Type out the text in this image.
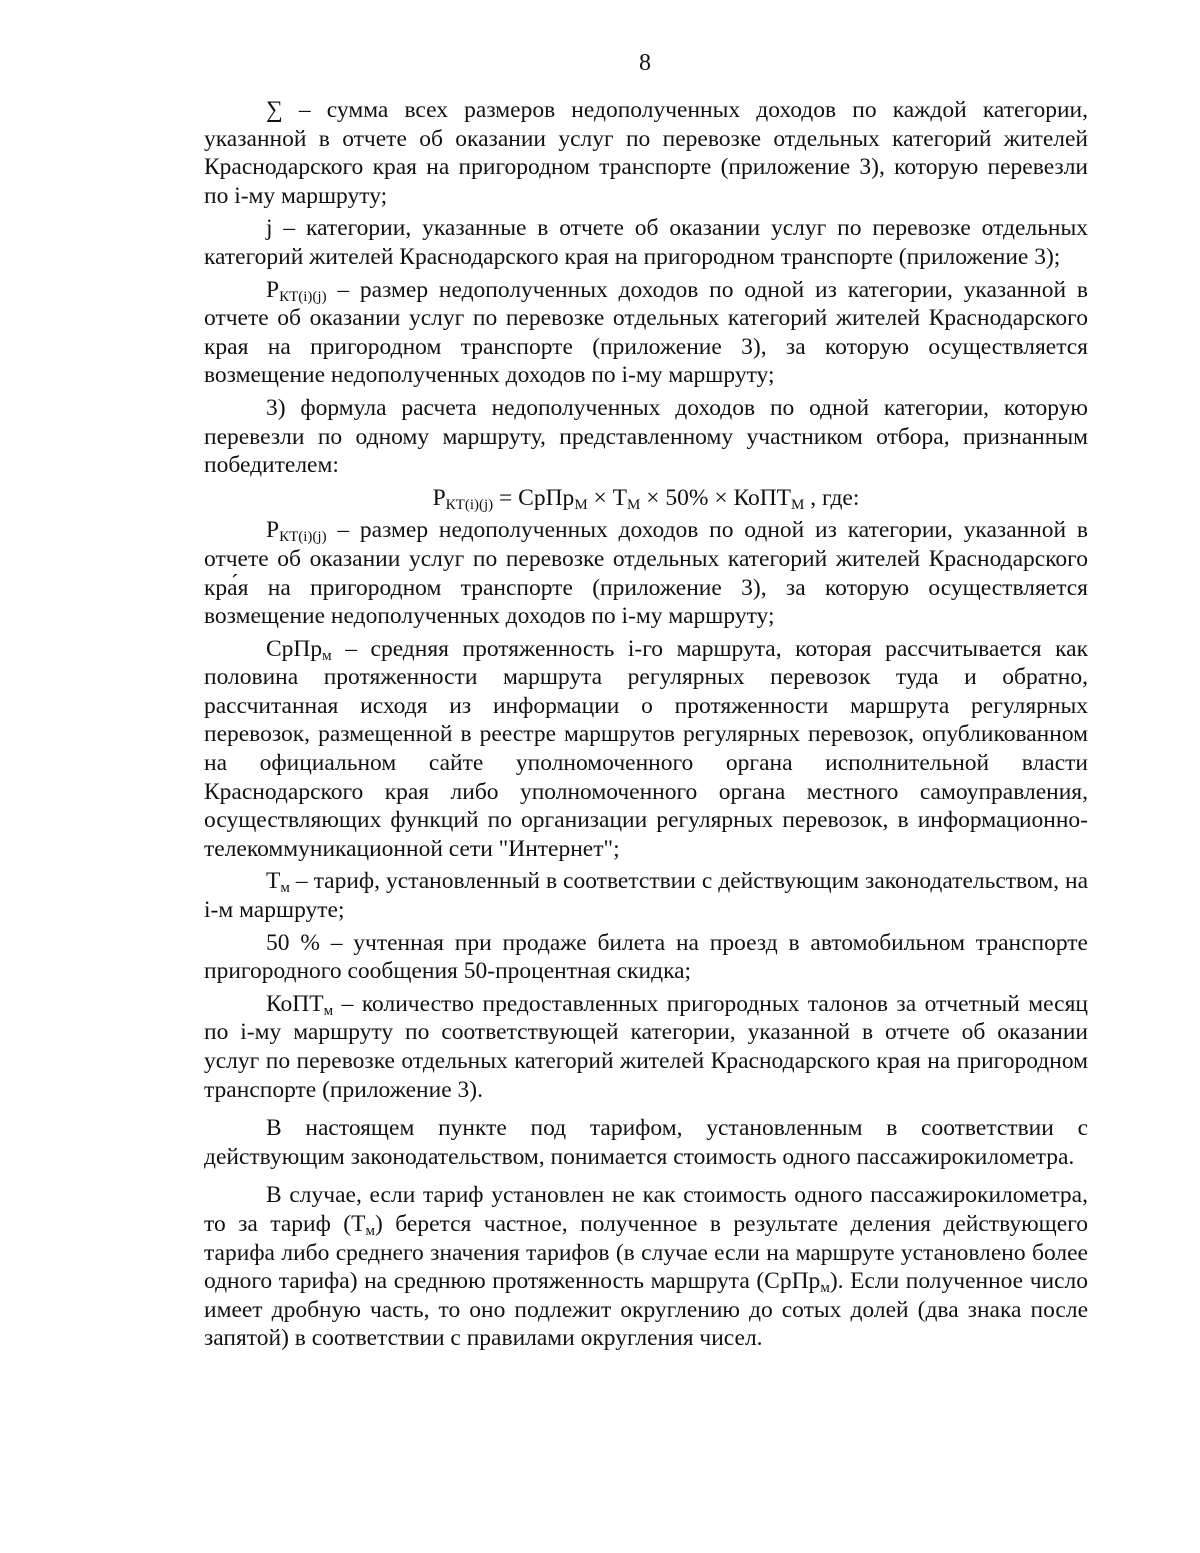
8

∑ – сумма всех размеров недополученных доходов по каждой категории, указанной в отчете об оказании услуг по перевозке отдельных категорий жителей Краснодарского края на пригородном транспорте (приложение 3), которую перевезли по i-му маршруту;

j – категории, указанные в отчете об оказании услуг по перевозке отдельных категорий жителей Краснодарского края на пригородном транспорте (приложение 3);

$P_{КТ(i)(j)}$ – размер недополученных доходов по одной из категории, указанной в отчете об оказании услуг по перевозке отдельных категорий жителей Краснодарского края на пригородном транспорте (приложение 3), за которую осуществляется возмещение недополученных доходов по i-му маршруту;

3) формула расчета недополученных доходов по одной категории, которую перевезли по одному маршруту, представленному участником отбора, признанным победителем:

$P_{КТ(i)(j)}$ = СрПр$_М$ × $Т_М \times 50\%$ × КоПТ$_М$ , где:

$P_{КТ(i)(j)}$ – размер недополученных доходов по одной из категории, указанной в отчете об оказании услуг по перевозке отдельных категорий жителей Краснодарского кра́я на пригородном транспорте (приложение 3), за которую осуществляется возмещение недополученных доходов по i-му маршруту;

СрПр$_м$ – средняя протяженность i-го маршрута, которая рассчитывается как половина протяженности маршрута регулярных перевозок туда и обратно, рассчитанная исходя из информации о протяженности маршрута регулярных перевозок, размещенной в реестре маршрутов регулярных перевозок, опубликованном на официальном сайте уполномоченного органа исполнительной власти Краснодарского края либо уполномоченного органа местного самоуправления, осуществляющих функций по организации регулярных перевозок, в информационно-телекоммуникационной сети "Интернет";

$Т_м$ – тариф, установленный в соответствии с действующим законодательством, на i-м маршруте;

50 % – учтенная при продаже билета на проезд в автомобильном транспорте пригородного сообщения 50-процентная скидка;

КоПТ$_м$ – количество предоставленных пригородных талонов за отчетный месяц по i-му маршруту по соответствующей категории, указанной в отчете об оказании услуг по перевозке отдельных категорий жителей Краснодарского края на пригородном транспорте (приложение 3).

В настоящем пункте под тарифом, установленным в соответствии с действующим законодательством, понимается стоимость одного пассажирокилометра.

В случае, если тариф установлен не как стоимость одного пассажирокилометра, то за тариф $(Т_м)$ берется частное, полученное в результате деления действующего тарифа либо среднего значения тарифов (в случае если на маршруте установлено более одного тарифа) на среднюю протяженность маршрута (СрПр$_м$). Если полученное число имеет дробную часть, то оно подлежит округлению до сотых долей (два знака после запятой) в соответствии с правилами округления чисел.
